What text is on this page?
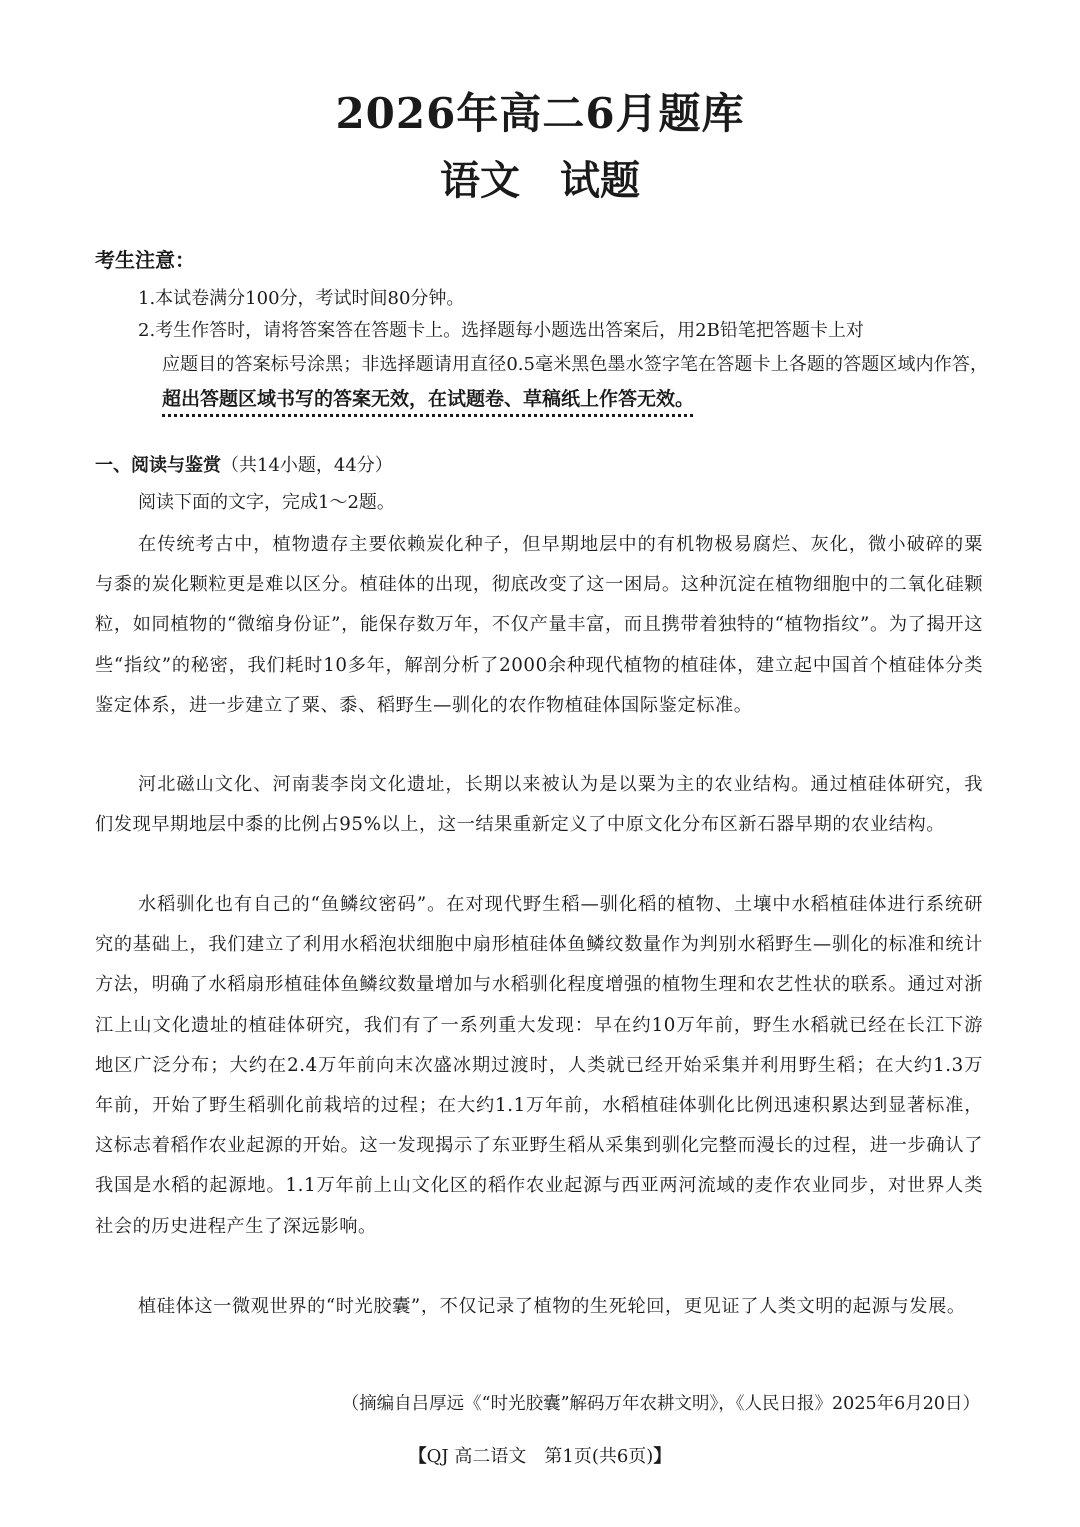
2026年高二6月题库
语文　试题
考生注意：
1.本试卷满分100分，考试时间80分钟。
2.考生作答时，请将答案答在答题卡上。选择题每小题选出答案后，用2B铅笔把答题卡上对
应题目的答案标号涂黑；非选择题请用直径0.5毫米黑色墨水签字笔在答题卡上各题的答题区域内作答，超出答题区域书写的答案无效，在试题卷、草稿纸上作答无效。
一、阅读与鉴赏（共14小题，44分）
阅读下面的文字，完成1～2题。
在传统考古中，植物遗存主要依赖炭化种子，但早期地层中的有机物极易腐烂、灰化，微小破碎的粟与黍的炭化颗粒更是难以区分。植硅体的出现，彻底改变了这一困局。这种沉淀在植物细胞中的二氧化硅颗粒，如同植物的“微缩身份证”，能保存数万年，不仅产量丰富，而且携带着独特的“植物指纹”。为了揭开这些“指纹”的秘密，我们耗时10多年，解剖分析了2000余种现代植物的植硅体，建立起中国首个植硅体分类鉴定体系，进一步建立了粟、黍、稻野生—驯化的农作物植硅体国际鉴定标准。
河北磁山文化、河南裴李岗文化遗址，长期以来被认为是以粟为主的农业结构。通过植硅体研究，我们发现早期地层中黍的比例占95%以上，这一结果重新定义了中原文化分布区新石器早期的农业结构。
水稻驯化也有自己的“鱼鳞纹密码”。在对现代野生稻—驯化稻的植物、土壤中水稻植硅体进行系统研究的基础上，我们建立了利用水稻泡状细胞中扇形植硅体鱼鳞纹数量作为判别水稻野生—驯化的标准和统计方法，明确了水稻扇形植硅体鱼鳞纹数量增加与水稻驯化程度增强的植物生理和农艺性状的联系。通过对浙江上山文化遗址的植硅体研究，我们有了一系列重大发现：早在约10万年前，野生水稻就已经在长江下游地区广泛分布；大约在2.4万年前向末次盛冰期过渡时，人类就已经开始采集并利用野生稻；在大约1.3万年前，开始了野生稻驯化前栽培的过程；在大约1.1万年前，水稻植硅体驯化比例迅速积累达到显著标准，这标志着稻作农业起源的开始。这一发现揭示了东亚野生稻从采集到驯化完整而漫长的过程，进一步确认了我国是水稻的起源地。1.1万年前上山文化区的稻作农业起源与西亚两河流域的麦作农业同步，对世界人类社会的历史进程产生了深远影响。
植硅体这一微观世界的“时光胶囊”，不仅记录了植物的生死轮回，更见证了人类文明的起源与发展。
（摘编自吕厚远《“时光胶囊”解码万年农耕文明》，《人民日报》2025年6月20日）
【QJ 高二语文　第1页(共6页)】
